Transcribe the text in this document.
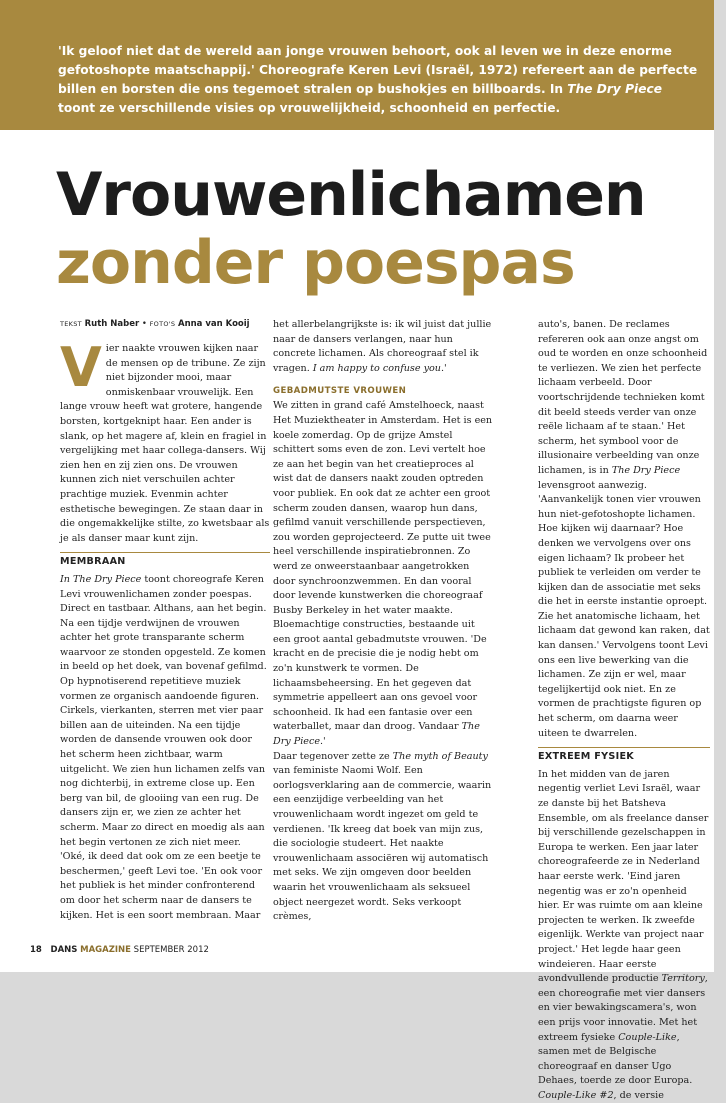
'Ik geloof niet dat de wereld aan jonge vrouwen behoort, ook al leven we in deze enorme gefotoshopte maatschappij.' Choreografe Keren Levi (Israël, 1972) refereert aan de perfecte billen en borsten die ons tegemoet stralen op bushokjes en billboards. In The Dry Piece toont ze verschillende visies op vrouwelijkheid, schoonheid en perfectie.

Vrouwenlichamen
zonder poespas
TEKST Ruth Naber • FOTO'S Anna van Kooij

Vier naakte vrouwen kijken naar de mensen op de tribune. Ze zijn niet bijzonder mooi, maar onmiskenbaar vrouwelijk. Een lange vrouw heeft wat grotere, hangende borsten, kortgeknipt haar. Een ander is slank, op het magere af, klein en fragiel in vergelijking met haar collega-dansers. Wij zien hen en zij zien ons. De vrouwen kunnen zich niet verschuilen achter prachtige muziek. Evenmin achter esthetische bewegingen. Ze staan daar in die ongemakkelijke stilte, zo kwetsbaar als je als danser maar kunt zijn.

MEMBRAAN

In The Dry Piece toont choreografe Keren Levi vrouwenlichamen zonder poespas. Direct en tastbaar. Althans, aan het begin. Na een tijdje verdwijnen de vrouwen achter het grote transparante scherm waarvoor ze stonden opgesteld. Ze komen in beeld op het doek, van bovenaf gefilmd. Op hypnotiserend repetitieve muziek vormen ze organisch aandoende figuren. Cirkels, vierkanten, sterren met vier paar billen aan de uiteinden. Na een tijdje worden de dansende vrouwen ook door het scherm heen zichtbaar, warm uitgelicht. We zien hun lichamen zelfs van nog dichterbij, in extreme close up. Een berg van bil, de glooiing van een rug. De dansers zijn er, we zien ze achter het scherm. Maar zo direct en moedig als aan het begin vertonen ze zich niet meer.

'Oké, ik deed dat ook om ze een beetje te beschermen,' geeft Levi toe. 'En ook voor het publiek is het minder confronterend om door het scherm naar de dansers te kijken. Het is een soort membraan. Maar

het allerbelangrijkste is: ik wil juist dat jullie naar de dansers verlangen, naar hun concrete lichamen. Als choreograaf stel ik vragen. I am happy to confuse you.'

GEBADMUTSTE VROUWEN

We zitten in grand café Amstelhoeck, naast Het Muziektheater in Amsterdam. Het is een koele zomerdag. Op de grijze Amstel schittert soms even de zon. Levi vertelt hoe ze aan het begin van het creatieproces al wist dat de dansers naakt zouden optreden voor publiek. En ook dat ze achter een groot scherm zouden dansen, waarop hun dans, gefilmd vanuit verschillende perspectieven, zou worden geprojecteerd. Ze putte uit twee heel verschillende inspiratiebronnen. Zo werd ze onweerstaanbaar aangetrokken door synchroonzwemmen. En dan vooral door levende kunstwerken die choreograaf Busby Berkeley in het water maakte. Bloemachtige constructies, bestaande uit een groot aantal gebadmutste vrouwen. 'De kracht en de precisie die je nodig hebt om zo'n kunstwerk te vormen. De lichaamsbeheersing. En het gegeven dat symmetrie appelleert aan ons gevoel voor schoonheid. Ik had een fantasie over een waterballet, maar dan droog. Vandaar The Dry Piece.'

Daar tegenover zette ze The myth of Beauty van feministe Naomi Wolf. Een oorlogsverklaring aan de commercie, waarin een eenzijdige verbeelding van het vrouwenlichaam wordt ingezet om geld te verdienen. 'Ik kreeg dat boek van mijn zus, die sociologie studeert. Het naakte vrouwenlichaam associëren wij automatisch met seks. We zijn omgeven door beelden waarin het vrouwenlichaam als seksueel object neergezet wordt. Seks verkoopt crèmes,

auto's, banen. De reclames refereren ook aan onze angst om oud te worden en onze schoonheid te verliezen. We zien het perfecte lichaam verbeeld. Door voortschrijdende technieken komt dit beeld steeds verder van onze reële lichaam af te staan.' Het scherm, het symbool voor de illusionaire verbeelding van onze lichamen, is in The Dry Piece levensgroot aanwezig. 'Aanvankelijk tonen vier vrouwen hun niet-gefotoshopte lichamen. Hoe kijken wij daarnaar? Hoe denken we vervolgens over ons eigen lichaam? Ik probeer het publiek te verleiden om verder te kijken dan de associatie met seks die het in eerste instantie oproept. Zie het anatomische lichaam, het lichaam dat gewond kan raken, dat kan dansen.' Vervolgens toont Levi ons een live bewerking van die lichamen. Ze zijn er wel, maar tegelijkertijd ook niet. En ze vormen de prachtigste figuren op het scherm, om daarna weer uiteen te dwarrelen.

EXTREEM FYSIEK

In het midden van de jaren negentig verliet Levi Israël, waar ze danste bij het Batsheva Ensemble, om als freelance danser bij verschillende gezelschappen in Europa te werken. Een jaar later choreografeerde ze in Nederland haar eerste werk. 'Eind jaren negentig was er zo'n openheid hier. Er was ruimte om aan kleine projecten te werken. Ik zweefde eigenlijk. Werkte van project naar project.' Het legde haar geen windeieren. Haar eerste avondvullende productie Territory, een choreografie met vier dansers en vier bewakingscamera's, won een prijs voor innovatie. Met het extreem fysieke Couple-Like, samen met de Belgische choreograaf en danser Ugo Dehaes, toerde ze door Europa. Couple-Like #2, de versie

18 DANS MAGAZINE SEPTEMBER 2012
